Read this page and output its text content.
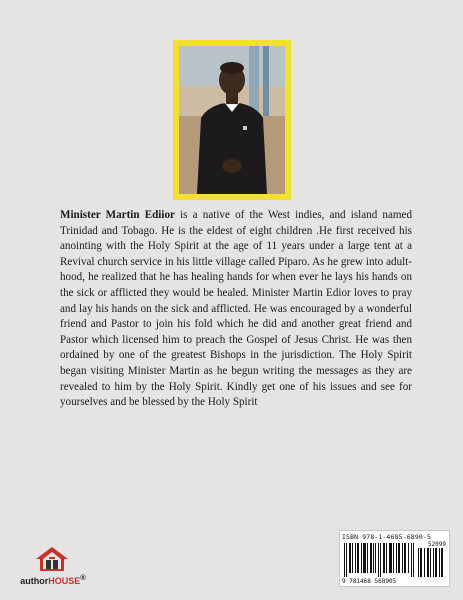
Minister Martin Ediior is a native of the West indies, and island named Trinidad and Tobago. He is the eldest of eight children .He first received his anointing with the Holy Spirit at the age of 11 years under a large tent at a Revival church service in his little village called Piparo. As he grew into adult-hood, he realized that he has healing hands for when ever he lays his hands on the sick or afflicted they would be healed. Minister Martin Edior loves to pray and lay his hands on the sick and afflicted. He was encouraged by a wonderful friend and Pastor to join his fold which he did and another great friend and Pastor which licensed him to preach the Gospel of Jesus Christ. He was then ordained by one of the greatest Bishops in the jurisdiction. The Holy Spirit began visiting Minister Martin as he begun writing the messages as they are revealed to him by the Holy Spirit. Kindly get one of his issues and see for yourselves and be blessed by the Holy Spirit

ISBN 978-1-4685-6890-5
52099
9 781468 568905
authorHOUSE®
